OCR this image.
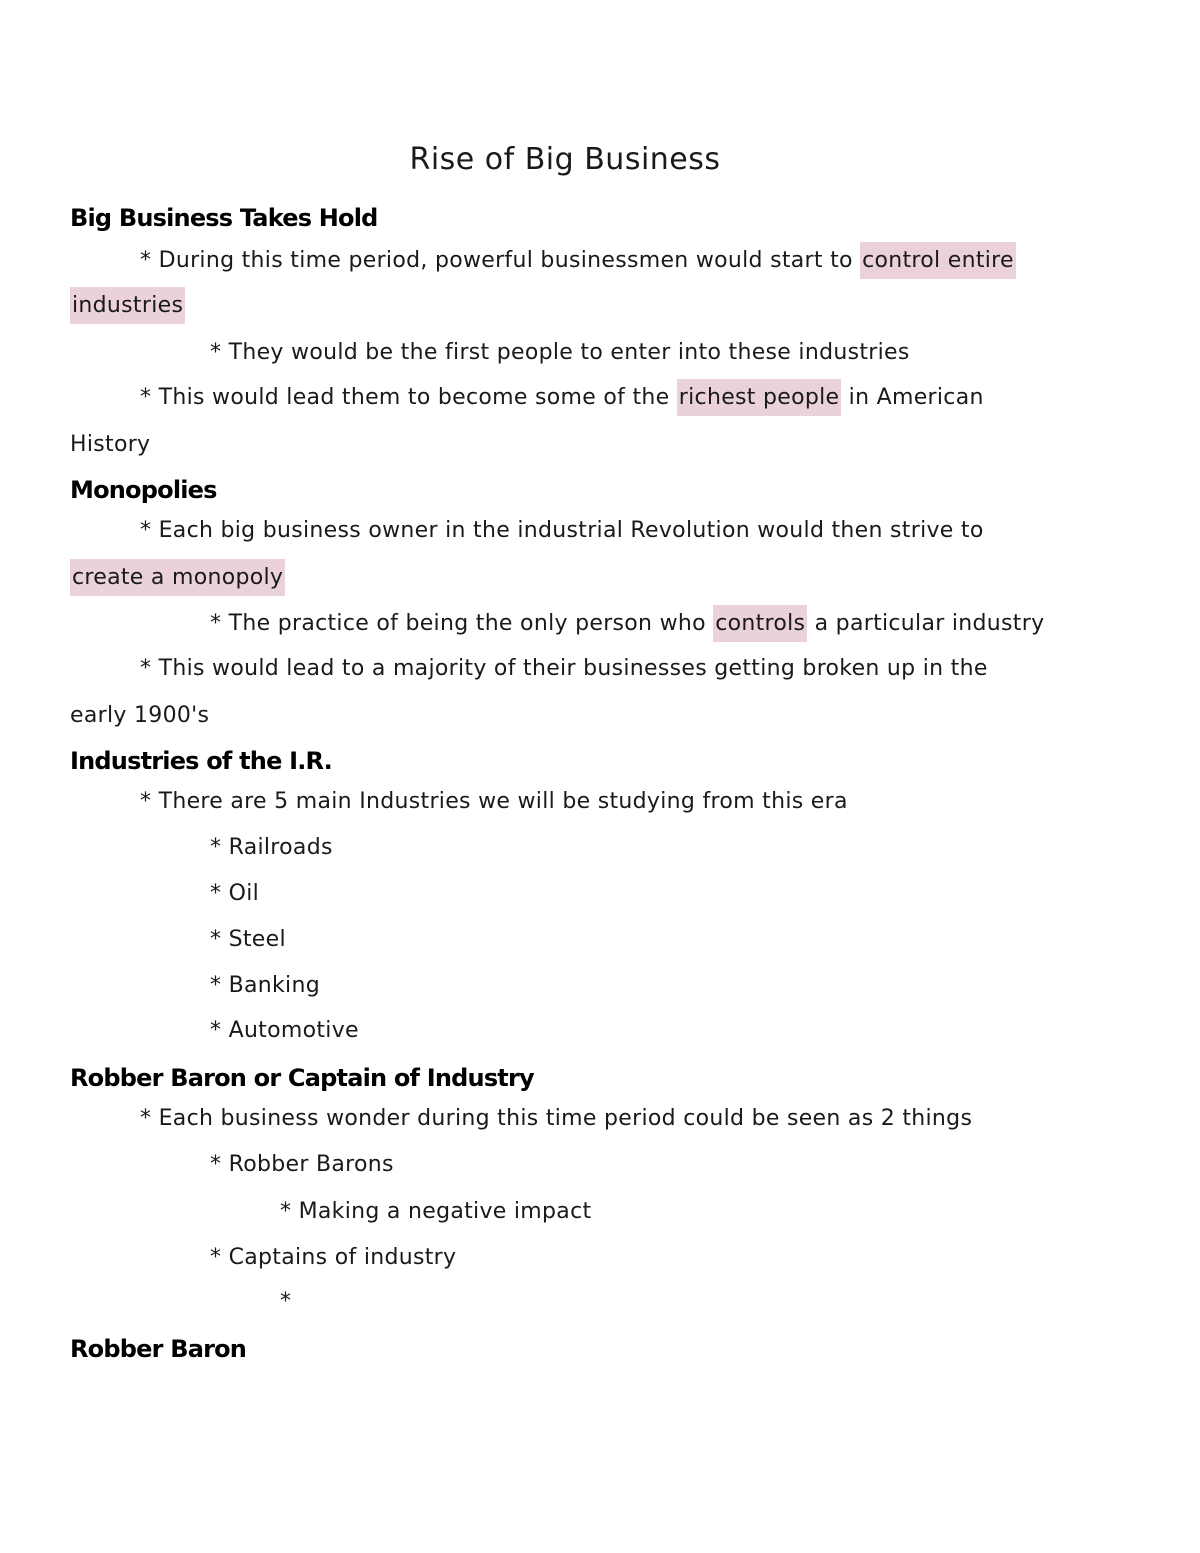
Rise of Big Business
Big Business Takes Hold
* During this time period, powerful businessmen would start to control entire
industries
* They would be the first people to enter into these industries
* This would lead them to become some of the richest people in American
History
Monopolies
* Each big business owner in the industrial Revolution would then strive to
create a monopoly
* The practice of being the only person who controls a particular industry
* This would lead to a majority of their businesses getting broken up in the
early 1900's
Industries of the I.R.
* There are 5 main Industries we will be studying from this era
* Railroads
* Oil
* Steel
* Banking
* Automotive
Robber Baron or Captain of Industry
* Each business wonder during this time period could be seen as 2 things
* Robber Barons
* Making a negative impact
* Captains of industry
*
Robber Baron
